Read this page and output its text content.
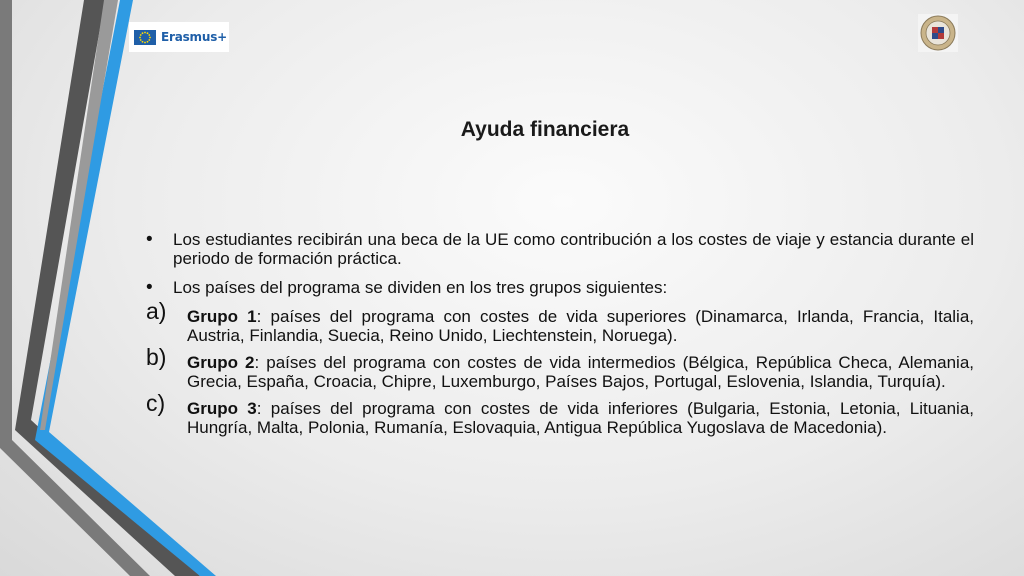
Erasmus+
Ayuda financiera
• Los estudiantes recibirán una beca de la UE como contribución a los costes de viaje y estancia durante el periodo de formación práctica.
• Los países del programa se dividen en los tres grupos siguientes:
a) Grupo 1: países del programa con costes de vida superiores (Dinamarca, Irlanda, Francia, Italia, Austria, Finlandia, Suecia, Reino Unido, Liechtenstein, Noruega).
b) Grupo 2: países del programa con costes de vida intermedios (Bélgica, República Checa, Alemania, Grecia, España, Croacia, Chipre, Luxemburgo, Países Bajos, Portugal, Eslovenia, Islandia, Turquía).
c) Grupo 3: países del programa con costes de vida inferiores (Bulgaria, Estonia, Letonia, Lituania, Hungría, Malta, Polonia, Rumanía, Eslovaquia, Antigua República Yugoslava de Macedonia).
